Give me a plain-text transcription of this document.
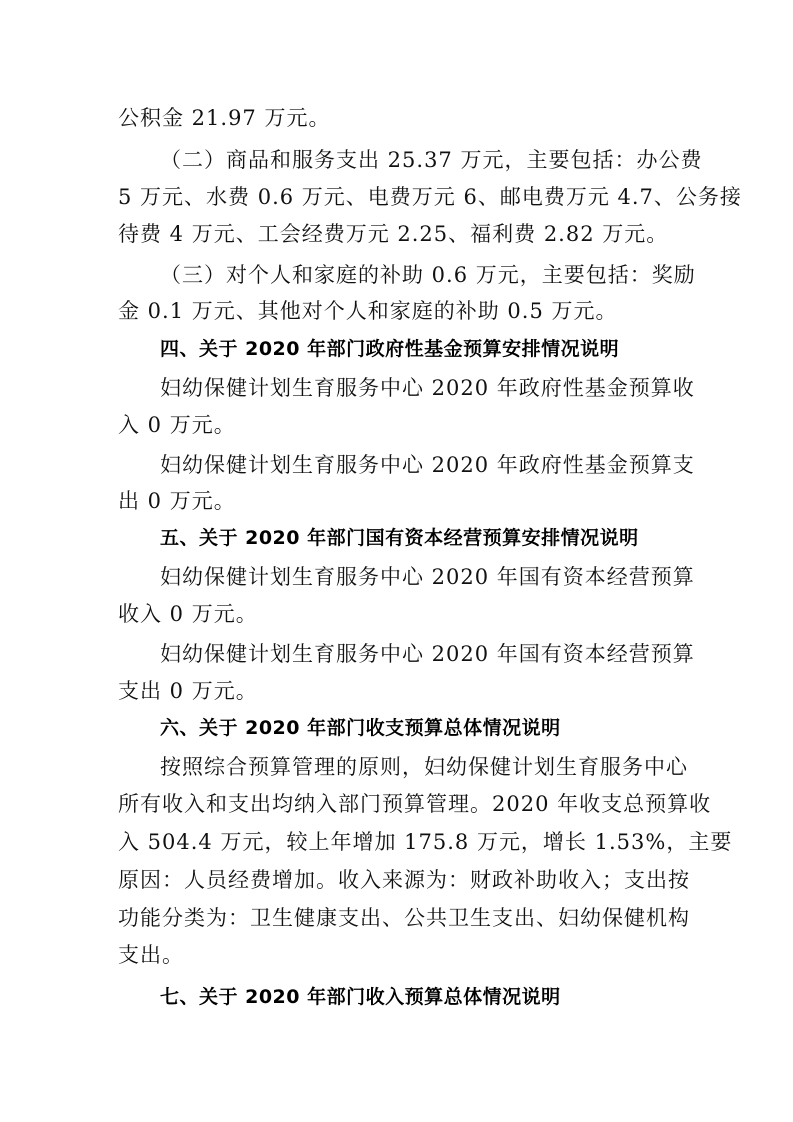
公积金 21.97 万元。
（二）商品和服务支出 25.37 万元，主要包括：办公费
5 万元、水费 0.6 万元、电费万元 6、邮电费万元 4.7、公务接
待费 4 万元、工会经费万元 2.25、福利费 2.82 万元。
（三）对个人和家庭的补助 0.6 万元，主要包括：奖励
金 0.1 万元、其他对个人和家庭的补助 0.5 万元。
四、关于 2020 年部门政府性基金预算安排情况说明
妇幼保健计划生育服务中心 2020 年政府性基金预算收
入 0 万元。
妇幼保健计划生育服务中心 2020 年政府性基金预算支
出 0 万元。
五、关于 2020 年部门国有资本经营预算安排情况说明
妇幼保健计划生育服务中心 2020 年国有资本经营预算
收入 0 万元。
妇幼保健计划生育服务中心 2020 年国有资本经营预算
支出 0 万元。
六、关于 2020 年部门收支预算总体情况说明
按照综合预算管理的原则，妇幼保健计划生育服务中心
所有收入和支出均纳入部门预算管理。2020 年收支总预算收
入 504.4 万元，较上年增加 175.8 万元，增长 1.53%，主要
原因：人员经费增加。收入来源为：财政补助收入；支出按
功能分类为：卫生健康支出、公共卫生支出、妇幼保健机构
支出。
七、关于 2020 年部门收入预算总体情况说明
